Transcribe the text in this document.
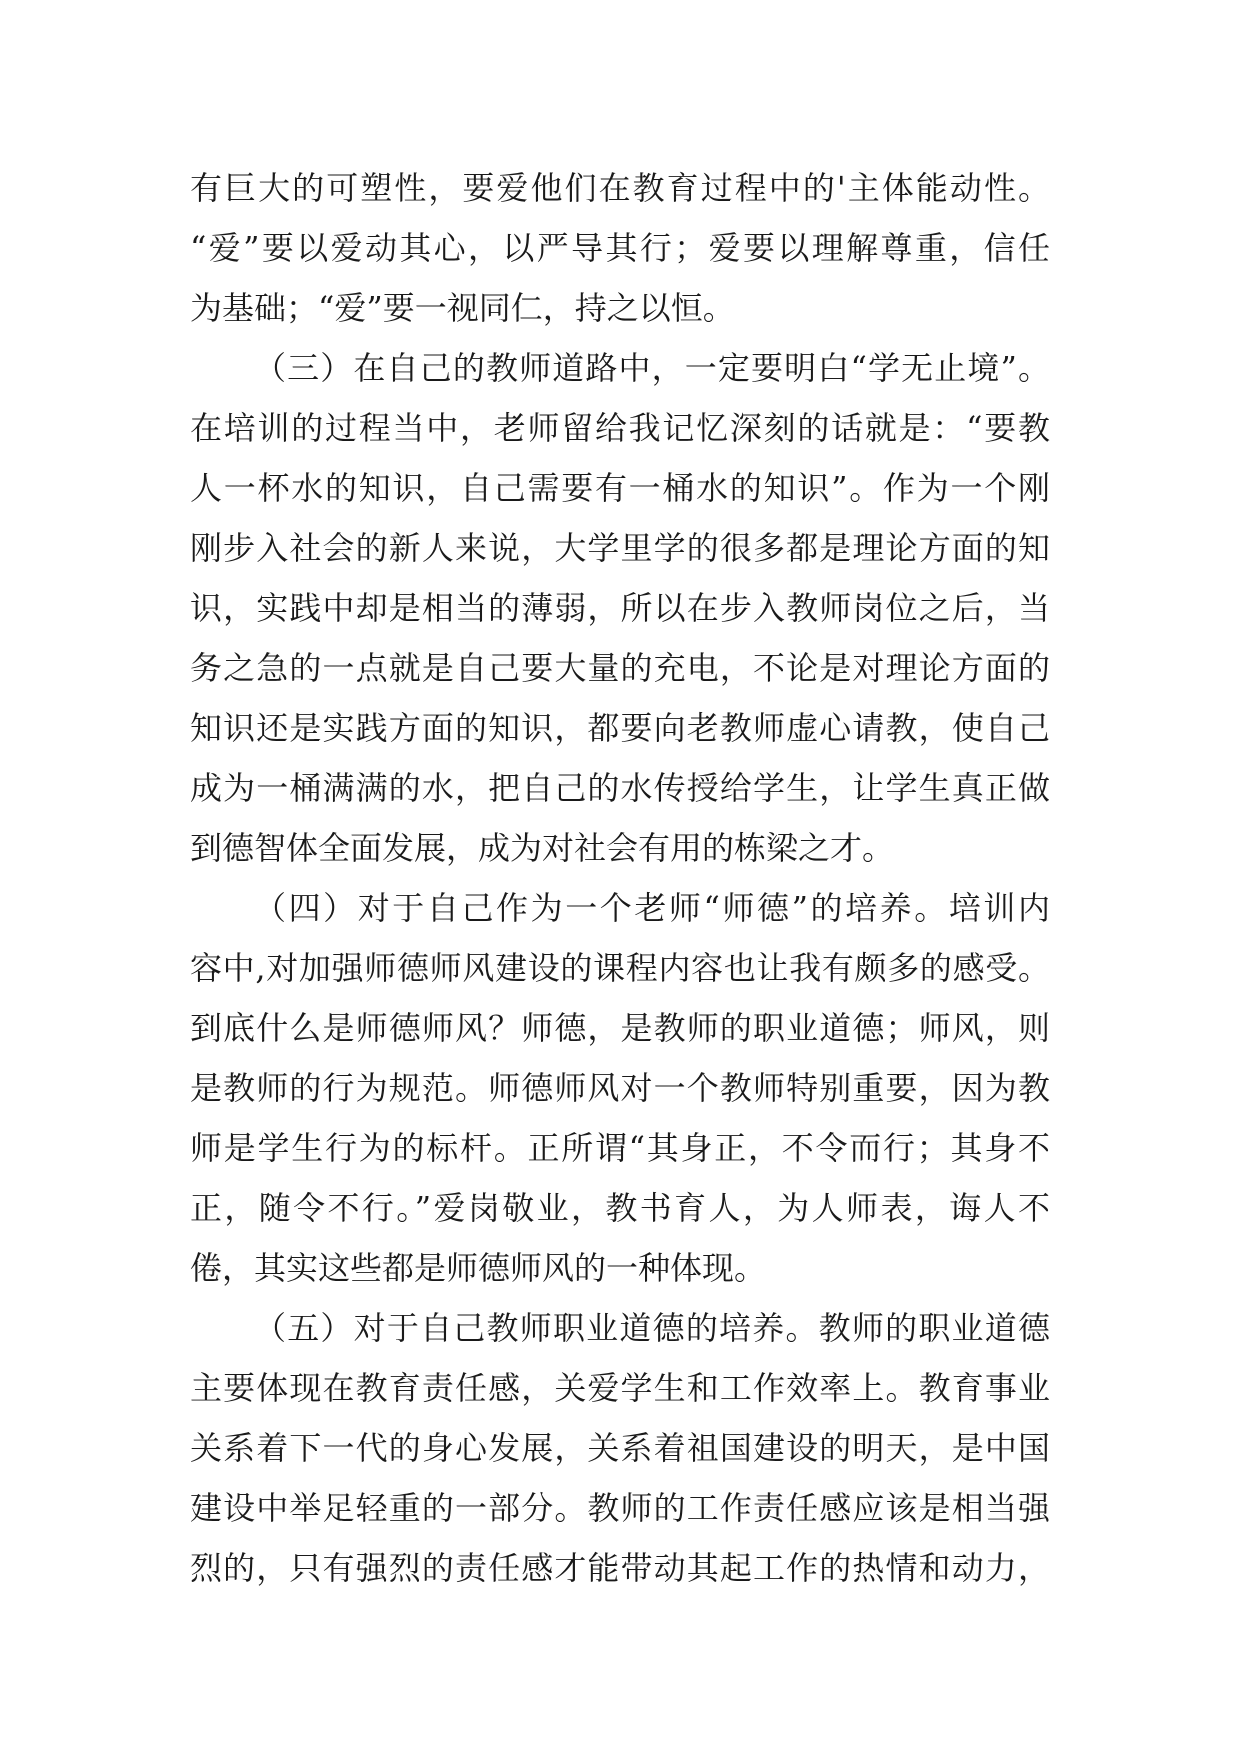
有巨大的可塑性，要爱他们在教育过程中的'主体能动性。
“爱”要以爱动其心，以严导其行；爱要以理解尊重，信任
为基础；“爱”要一视同仁，持之以恒。
（三）在自己的教师道路中，一定要明白“学无止境”。
在培训的过程当中，老师留给我记忆深刻的话就是：“要教
人一杯水的知识，自己需要有一桶水的知识”。作为一个刚
刚步入社会的新人来说，大学里学的很多都是理论方面的知
识，实践中却是相当的薄弱，所以在步入教师岗位之后，当
务之急的一点就是自己要大量的充电，不论是对理论方面的
知识还是实践方面的知识，都要向老教师虚心请教，使自己
成为一桶满满的水，把自己的水传授给学生，让学生真正做
到德智体全面发展，成为对社会有用的栋梁之才。
（四）对于自己作为一个老师“师德”的培养。培训内
容中,对加强师德师风建设的课程内容也让我有颇多的感受。
到底什么是师德师风？师德，是教师的职业道德；师风，则
是教师的行为规范。师德师风对一个教师特别重要，因为教
师是学生行为的标杆。正所谓“其身正，不令而行；其身不
正，随令不行。”爱岗敬业，教书育人，为人师表，诲人不
倦，其实这些都是师德师风的一种体现。
（五）对于自己教师职业道德的培养。教师的职业道德
主要体现在教育责任感，关爱学生和工作效率上。教育事业
关系着下一代的身心发展，关系着祖国建设的明天，是中国
建设中举足轻重的一部分。教师的工作责任感应该是相当强
烈的，只有强烈的责任感才能带动其起工作的热情和动力，
